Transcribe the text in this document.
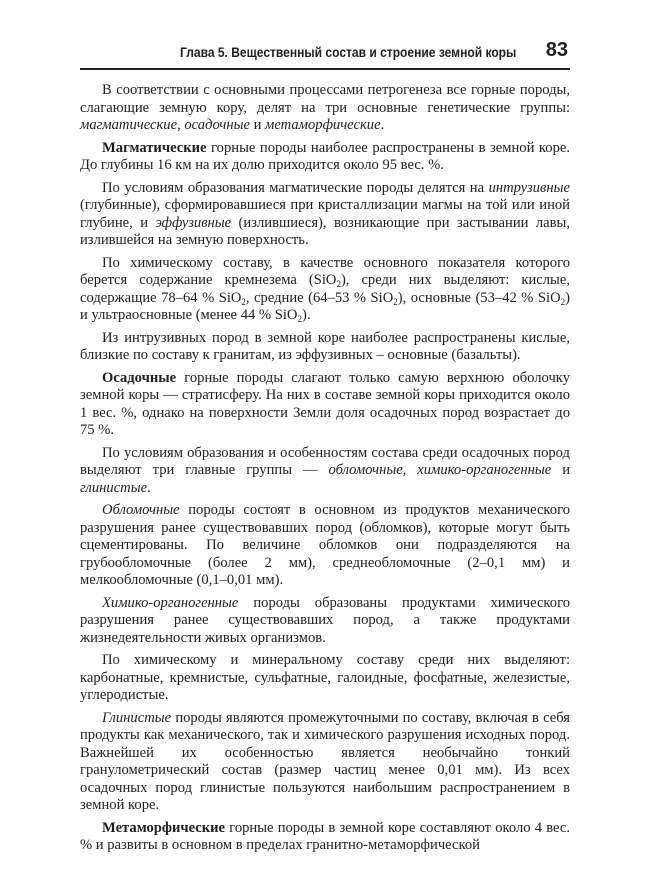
Глава 5. Вещественный состав и строение земной коры 83

В соответствии с основными процессами петрогенеза все горные породы, слагающие земную кору, делят на три основные генетические группы: магматические, осадочные и метаморфические.

Магматические горные породы наиболее распространены в земной коре. До глубины 16 км на их долю приходится около 95 вес. %.

По условиям образования магматические породы делятся на интрузивные (глубинные), сформировавшиеся при кристаллизации магмы на той или иной глубине, и эффузивные (излившиеся), возникающие при застывании лавы, излившейся на земную поверхность.

По химическому составу, в качестве основного показателя которого берется содержание кремнезема (SiO$_2$), среди них выделяют: кислые, содержащие 78–64 % SiO$_2$, средние (64–53 % SiO$_2$), основные (53–42 % SiO$_2$) и ультраосновные (менее 44 % SiO$_2$).

Из интрузивных пород в земной коре наиболее распространены кислые, близкие по составу к гранитам, из эффузивных – основные (базальты).

Осадочные горные породы слагают только самую верхнюю оболочку земной коры — стратисферу. На них в составе земной коры приходится около 1 вес. %, однако на поверхности Земли доля осадочных пород возрастает до 75 %.

По условиям образования и особенностям состава среди осадочных пород выделяют три главные группы — обломочные, химико-органогенные и глинистые.

Обломочные породы состоят в основном из продуктов механического разрушения ранее существовавших пород (обломков), которые могут быть сцементированы. По величине обломков они подразделяются на грубообломочные (более 2 мм), среднеобломочные (2–0,1 мм) и мелкообломочные (0,1–0,01 мм).

Химико-органогенные породы образованы продуктами химического разрушения ранее существовавших пород, а также продуктами жизнедеятельности живых организмов.

По химическому и минеральному составу среди них выделяют: карбонатные, кремнистые, сульфатные, галоидные, фосфатные, железистые, углеродистые.

Глинистые породы являются промежуточными по составу, включая в себя продукты как механического, так и химического разрушения исходных пород. Важнейшей их особенностью является необычайно тонкий гранулометрический состав (размер частиц менее 0,01 мм). Из всех осадочных пород глинистые пользуются наибольшим распространением в земной коре.

Метаморфические горные породы в земной коре составляют около 4 вес. % и развиты в основном в пределах гранитно-метаморфической
